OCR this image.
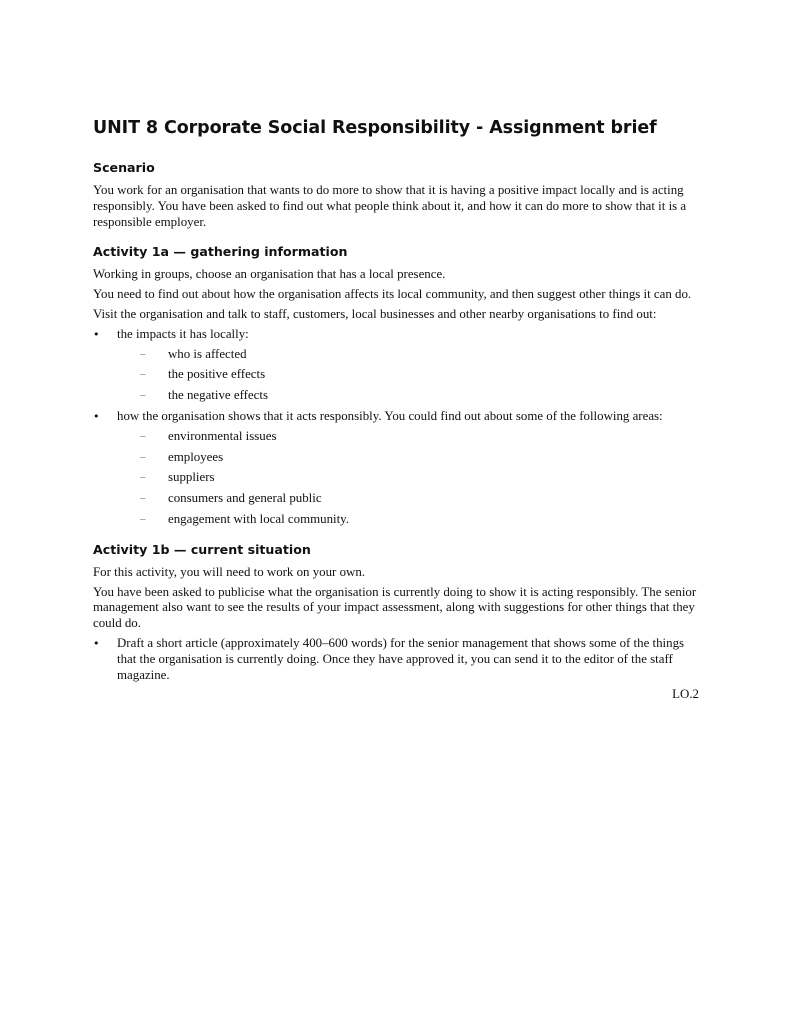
UNIT 8 Corporate Social Responsibility - Assignment brief
Scenario

You work for an organisation that wants to do more to show that it is having a positive impact locally and is acting responsibly. You have been asked to find out what people think about it, and how it can do more to show that it is a responsible employer.

Activity 1a — gathering information

Working in groups, choose an organisation that has a local presence.

You need to find out about how the organisation affects its local community, and then suggest other things it can do.

Visit the organisation and talk to staff, customers, local businesses and other nearby organisations to find out:

• the impacts it has locally:
– who is affected
– the positive effects
– the negative effects
• how the organisation shows that it acts responsibly. You could find out about some of the following areas:
– environmental issues
– employees
– suppliers
– consumers and general public
– engagement with local community.
Activity 1b — current situation

For this activity, you will need to work on your own.

You have been asked to publicise what the organisation is currently doing to show it is acting responsibly. The senior management also want to see the results of your impact assessment, along with suggestions for other things that they could do.

• Draft a short article (approximately 400–600 words) for the senior management that shows some of the things that the organisation is currently doing. Once they have approved it, you can send it to the editor of the staff magazine.
LO.2
